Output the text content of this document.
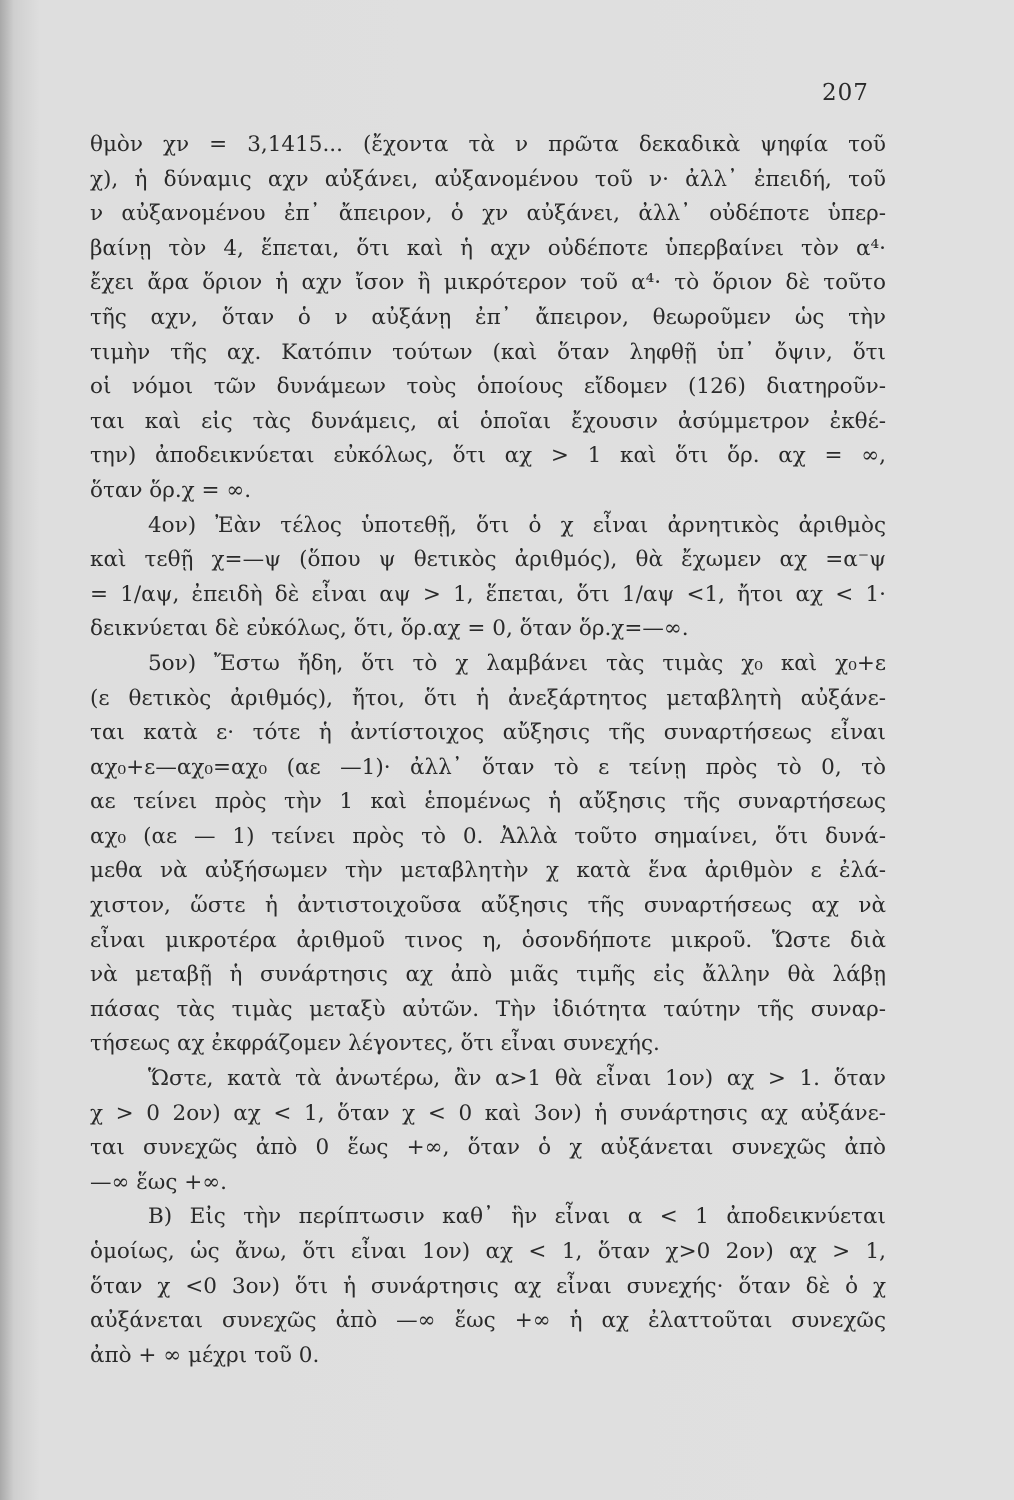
207
θμὸν χν = 3,1415... (ἔχοντα τὰ ν πρῶτα δεκαδικὰ ψηφία τοῦ
χ), ἡ δύναμις αχν αὐξάνει, αὐξανομένου τοῦ ν· ἀλλ᾽ ἐπειδή, τοῦ
ν αὐξανομένου ἐπ᾽ ἄπειρον, ὁ χν αὐξάνει, ἀλλ᾽ οὐδέποτε ὑπερ-
βαίνῃ τὸν 4, ἕπεται, ὅτι καὶ ἡ αχν οὐδέποτε ὑπερβαίνει τὸν α⁴·
ἔχει ἄρα ὅριον ἡ αχν ἴσον ἢ μικρότερον τοῦ α⁴· τὸ ὅριον δὲ τοῦτο
τῆς αχν, ὅταν ὁ ν αὐξάνῃ ἐπ᾽ ἄπειρον, θεωροῦμεν ὡς τὴν
τιμὴν τῆς αχ. Κατόπιν τούτων (καὶ ὅταν ληφθῇ ὑπ᾽ ὄψιν, ὅτι
οἱ νόμοι τῶν δυνάμεων τοὺς ὁποίους εἴδομεν (126) διατηροῦν-
ται καὶ εἰς τὰς δυνάμεις, αἱ ὁποῖαι ἔχουσιν ἀσύμμετρον ἐκθέ-
την) ἀποδεικνύεται εὐκόλως, ὅτι αχ > 1 καὶ ὅτι ὅρ. αχ = ∞,
ὅταν ὅρ.χ = ∞.
4ον) Ἐὰν τέλος ὑποτεθῇ, ὅτι ὁ χ εἶναι ἀρνητικὸς ἀριθμὸς
καὶ τεθῇ χ=—ψ (ὅπου ψ θετικὸς ἀριθμός), θὰ ἔχωμεν αχ =α⁻ψ
= 1/αψ, ἐπειδὴ δὲ εἶναι αψ > 1, ἕπεται, ὅτι 1/αψ <1, ἤτοι αχ < 1·
δεικνύεται δὲ εὐκόλως, ὅτι, ὅρ.αχ = 0, ὅταν ὅρ.χ=—∞.
5ον) Ἔστω ἤδη, ὅτι τὸ χ λαμβάνει τὰς τιμὰς χ₀ καὶ χ₀+ε
(ε θετικὸς ἀριθμός), ἤτοι, ὅτι ἡ ἀνεξάρτητος μεταβλητὴ αὐξάνε-
ται κατὰ ε· τότε ἡ ἀντίστοιχος αὔξησις τῆς συναρτήσεως εἶναι
αχ₀+ε—αχ₀=αχ₀ (αε —1)· ἀλλ᾽ ὅταν τὸ ε τείνῃ πρὸς τὸ 0, τὸ
αε τείνει πρὸς τὴν 1 καὶ ἑπομένως ἡ αὔξησις τῆς συναρτήσεως
αχ₀ (αε — 1) τείνει πρὸς τὸ 0. Ἀλλὰ τοῦτο σημαίνει, ὅτι δυνά-
μεθα νὰ αὐξήσωμεν τὴν μεταβλητὴν χ κατὰ ἕνα ἀριθμὸν ε ἐλά-
χιστον, ὥστε ἡ ἀντιστοιχοῦσα αὔξησις τῆς συναρτήσεως αχ νὰ
εἶναι μικροτέρα ἀριθμοῦ τινος η, ὁσονδήποτε μικροῦ. Ὥστε διὰ
νὰ μεταβῇ ἡ συνάρτησις αχ ἀπὸ μιᾶς τιμῆς εἰς ἄλλην θὰ λάβῃ
πάσας τὰς τιμὰς μεταξὺ αὐτῶν. Τὴν ἰδιότητα ταύτην τῆς συναρ-
τήσεως αχ ἐκφράζομεν λέγοντες, ὅτι εἶναι συνεχής.
Ὥστε, κατὰ τὰ ἀνωτέρω, ἂν α>1 θὰ εἶναι 1ον) αχ > 1. ὅταν
χ > 0 2ον) αχ < 1, ὅταν χ < 0 καὶ 3ον) ἡ συνάρτησις αχ αὐξάνε-
ται συνεχῶς ἀπὸ 0 ἕως +∞, ὅταν ὁ χ αὐξάνεται συνεχῶς ἀπὸ
—∞ ἕως +∞.
Β) Εἰς τὴν περίπτωσιν καθ᾽ ἣν εἶναι α < 1 ἀποδεικνύεται
ὁμοίως, ὡς ἄνω, ὅτι εἶναι 1ον) αχ < 1, ὅταν χ>0 2ον) αχ > 1,
ὅταν χ <0 3ον) ὅτι ἡ συνάρτησις αχ εἶναι συνεχής· ὅταν δὲ ὁ χ
αὐξάνεται συνεχῶς ἀπὸ —∞ ἕως +∞ ἡ αχ ἐλαττοῦται συνεχῶς
ἀπὸ + ∞ μέχρι τοῦ 0.
